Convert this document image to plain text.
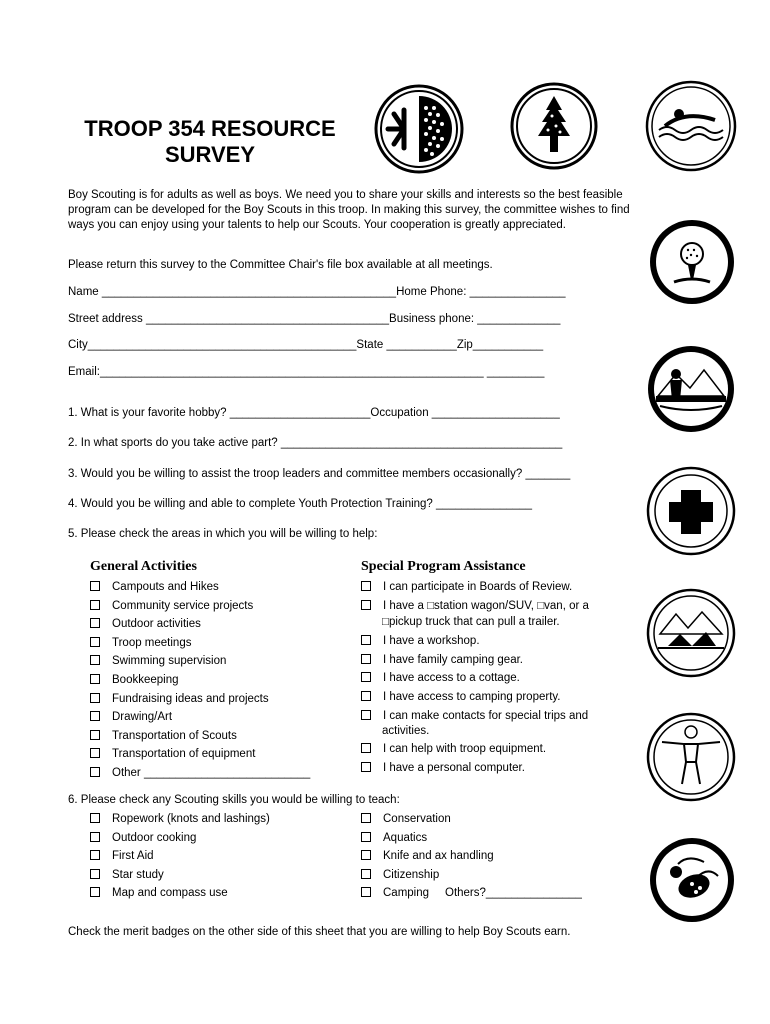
TROOP 354 RESOURCE
SURVEY
Boy Scouting is for adults as well as boys. We need you to share your skills and interests so the best feasible program can be developed for the Boy Scouts in this troop. In making this survey, the committee wishes to find ways you can enjoy using your talents to help our Scouts. Your cooperation is greatly appreciated.
Please return this survey to the Committee Chair's file box available at all meetings.
Name ______________________________________________Home Phone: _______________
Street address ______________________________________Business phone: _____________
City__________________________________________State ___________Zip___________
Email:____________________________________________________________ _________
1. What is your favorite hobby? ______________________Occupation ____________________
2. In what sports do you take active part? ____________________________________________
3. Would you be willing to assist the troop leaders and committee members occasionally? _______
4. Would you be willing and able to complete Youth Protection Training? _______________
5. Please check the areas in which you will be willing to help:
General Activities	Special Program Assistance
Campouts and Hikes
Community service projects
Outdoor activities
Troop meetings
Swimming supervision
Bookkeeping
Fundraising ideas and projects
Drawing/Art
Transportation of Scouts
Transportation of equipment
Other __________________________
I can participate in Boards of Review.
I have a □station wagon/SUV, □van, or a
□pickup truck that can pull a trailer.
I have a workshop.
I have family camping gear.
I have access to a cottage.
I have access to camping property.
I can make contacts for special trips and
activities.
I can help with troop equipment.
I have a personal computer.
6. Please check any Scouting skills you would be willing to teach:
Ropework (knots and lashings)
Outdoor cooking
First Aid
Star study
Map and compass use
Conservation
Aquatics
Knife and ax handling
Citizenship
Camping     Others?_______________
Check the merit badges on the other side of this sheet that you are willing to help Boy Scouts earn.
